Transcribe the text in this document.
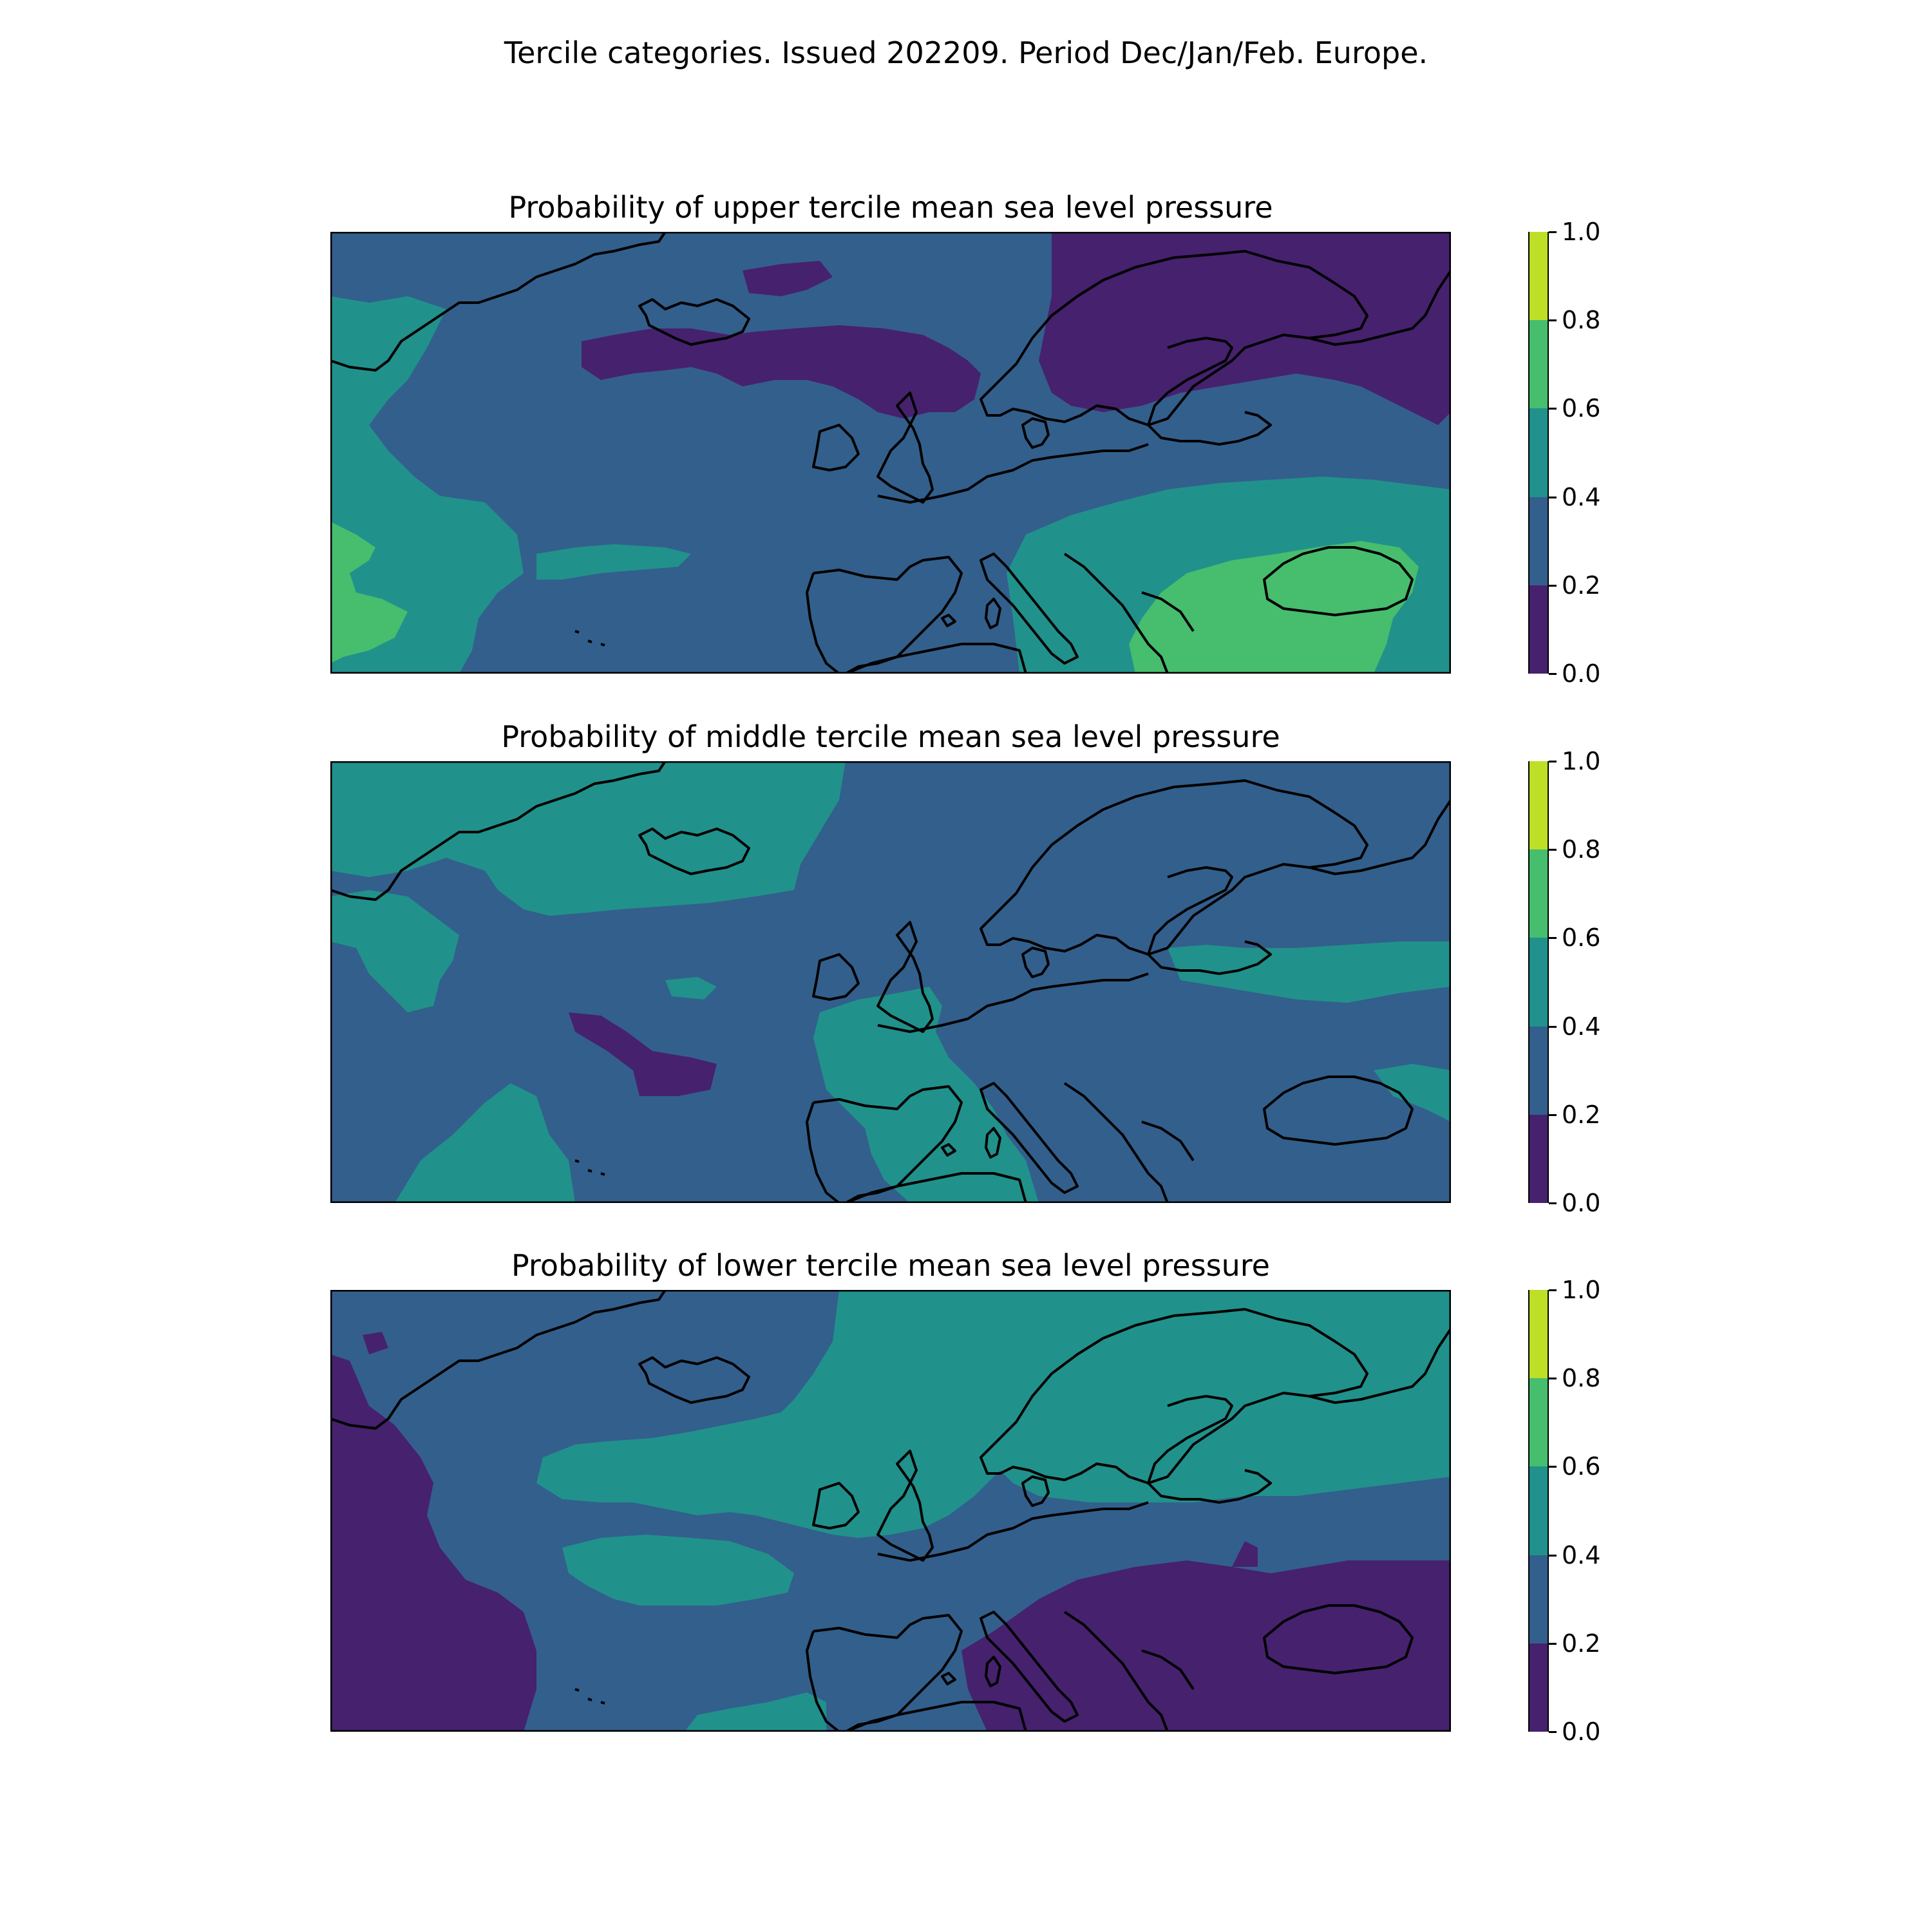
Tercile categories. Issued 202209. Period Dec/Jan/Feb. Europe.
Probability of upper tercile mean sea level pressure
Probability of middle tercile mean sea level pressure
Probability of lower tercile mean sea level pressure
0.0
0.2
0.4
0.6
0.8
1.0
0.0
0.2
0.4
0.6
0.8
1.0
0.0
0.2
0.4
0.6
0.8
1.0
